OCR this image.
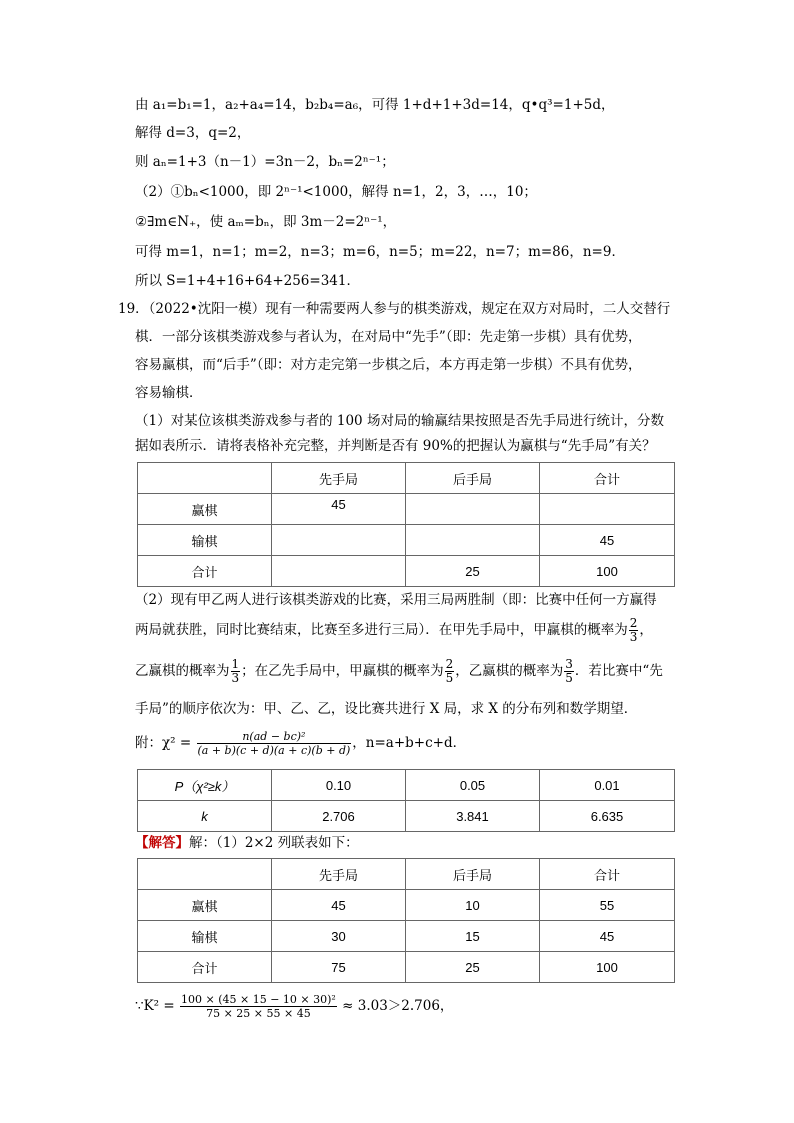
由 a₁=b₁=1，a₂+a₄=14，b₂b₄=a₆，可得 1+d+1+3d=14，q•q³=1+5d，
解得 d=3，q=2，
则 aₙ=1+3（n－1）=3n－2，bₙ=2ⁿ⁻¹；
（2）①bₙ<1000，即 2ⁿ⁻¹<1000，解得 n=1，2，3，…，10；
②∃m∈N₊，使 aₘ=bₙ，即 3m－2=2ⁿ⁻¹，
可得 m=1，n=1；m=2，n=3；m=6，n=5；m=22，n=7；m=86，n=9．
所以 S=1+4+16+64+256=341．
19．（2022•沈阳一模）现有一种需要两人参与的棋类游戏，规定在双方对局时，二人交替行
棋．一部分该棋类游戏参与者认为，在对局中“先手”（即：先走第一步棋）具有优势，
容易赢棋，而“后手”（即：对方走完第一步棋之后，本方再走第一步棋）不具有优势，
容易输棋．
（1）对某位该棋类游戏参与者的 100 场对局的输赢结果按照是否先手局进行统计，分数
据如表所示．请将表格补充完整，并判断是否有 90%的把握认为赢棋与“先手局”有关？
	先手局	后手局	合计
赢棋	45		
输棋			45
合计		25	100
（2）现有甲乙两人进行该棋类游戏的比赛，采用三局两胜制（即：比赛中任何一方赢得
两局就获胜，同时比赛结束，比赛至多进行三局）．在甲先手局中，甲赢棋的概率为 $\frac{2}{3}$ ，
乙赢棋的概率为 $\frac{1}{3}$ ；在乙先手局中，甲赢棋的概率为 $\frac{2}{5}$ ，乙赢棋的概率为 $\frac{3}{5}$ ．若比赛中“先
手局”的顺序依次为：甲、乙、乙，设比赛共进行 X 局，求 X 的分布列和数学期望．
附：$\chi^2 = \frac{\text{n(ad − bc)²}}{(a + b)(c + d)(a + c)(b + d)}$ ，n=a+b+c+d．
P（χ²≥k）	0.10	0.05	0.01
k	2.706	3.841	6.635
【解答】解：（1）2×2 列联表如下：
	先手局	后手局	合计
赢棋	45	10	55
输棋	30	15	45
合计	75	25	100
∵K² = $\frac{\text{100 × (45 × 15 − 10 × 30)²}}{75 \times 25 \times 55 \times 45} \approx 3.03>2.706$，
